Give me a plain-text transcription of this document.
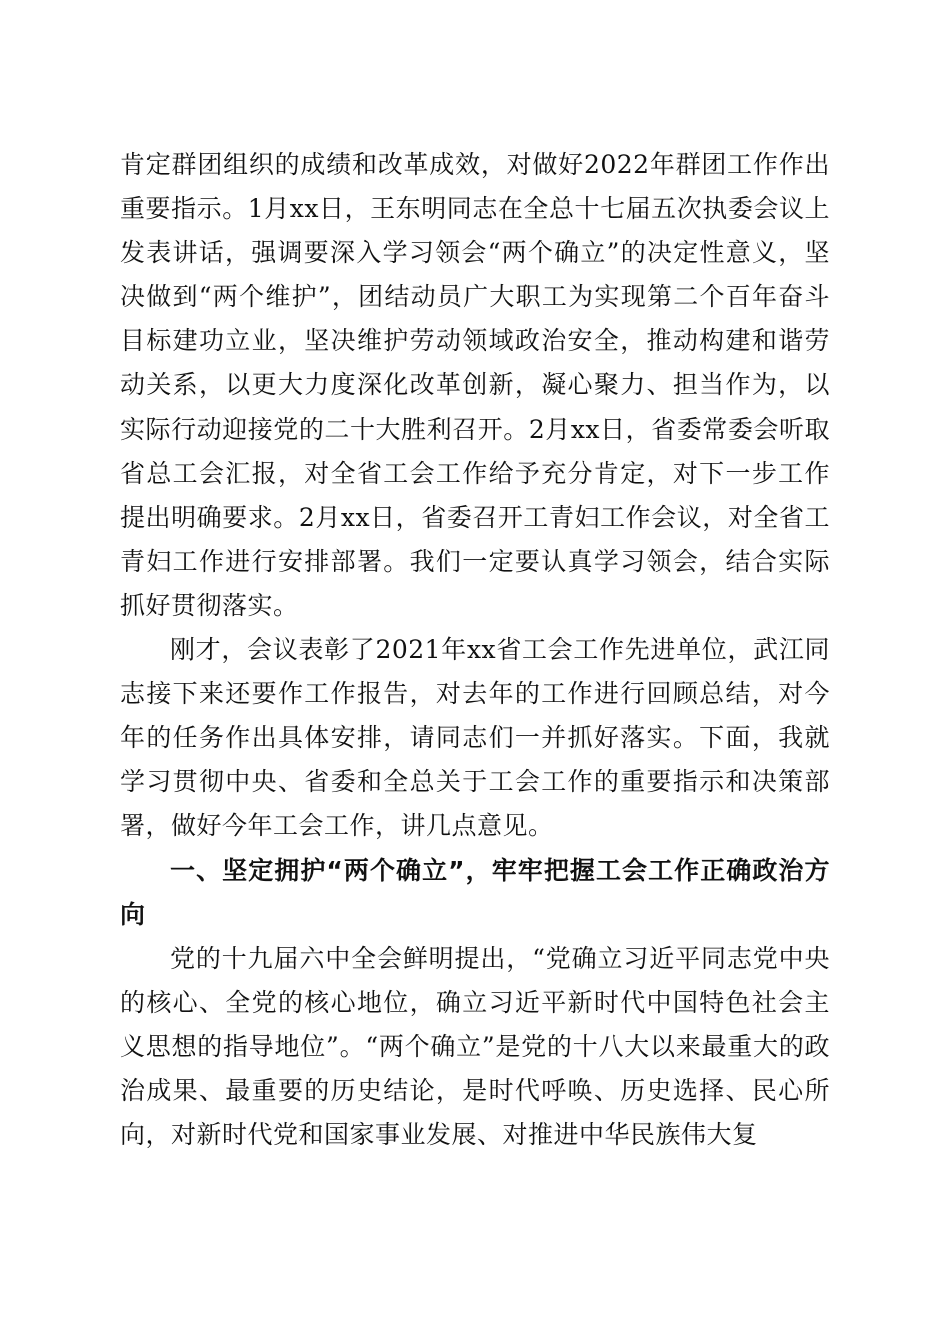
肯定群团组织的成绩和改革成效，对做好2022年群团工作作出重要指示。1月xx日，王东明同志在全总十七届五次执委会议上发表讲话，强调要深入学习领会“两个确立”的决定性意义，坚决做到“两个维护”，团结动员广大职工为实现第二个百年奋斗目标建功立业，坚决维护劳动领域政治安全，推动构建和谐劳动关系，以更大力度深化改革创新，凝心聚力、担当作为，以实际行动迎接党的二十大胜利召开。2月xx日，省委常委会听取省总工会汇报，对全省工会工作给予充分肯定，对下一步工作提出明确要求。2月xx日，省委召开工青妇工作会议，对全省工青妇工作进行安排部署。我们一定要认真学习领会，结合实际抓好贯彻落实。

刚才，会议表彰了2021年xx省工会工作先进单位，武江同志接下来还要作工作报告，对去年的工作进行回顾总结，对今年的任务作出具体安排，请同志们一并抓好落实。下面，我就学习贯彻中央、省委和全总关于工会工作的重要指示和决策部署，做好今年工会工作，讲几点意见。

一、坚定拥护“两个确立”，牢牢把握工会工作正确政治方向

党的十九届六中全会鲜明提出，“党确立习近平同志党中央的核心、全党的核心地位，确立习近平新时代中国特色社会主义思想的指导地位”。“两个确立”是党的十八大以来最重大的政治成果、最重要的历史结论，是时代呼唤、历史选择、民心所向，对新时代党和国家事业发展、对推进中华民族伟大复
